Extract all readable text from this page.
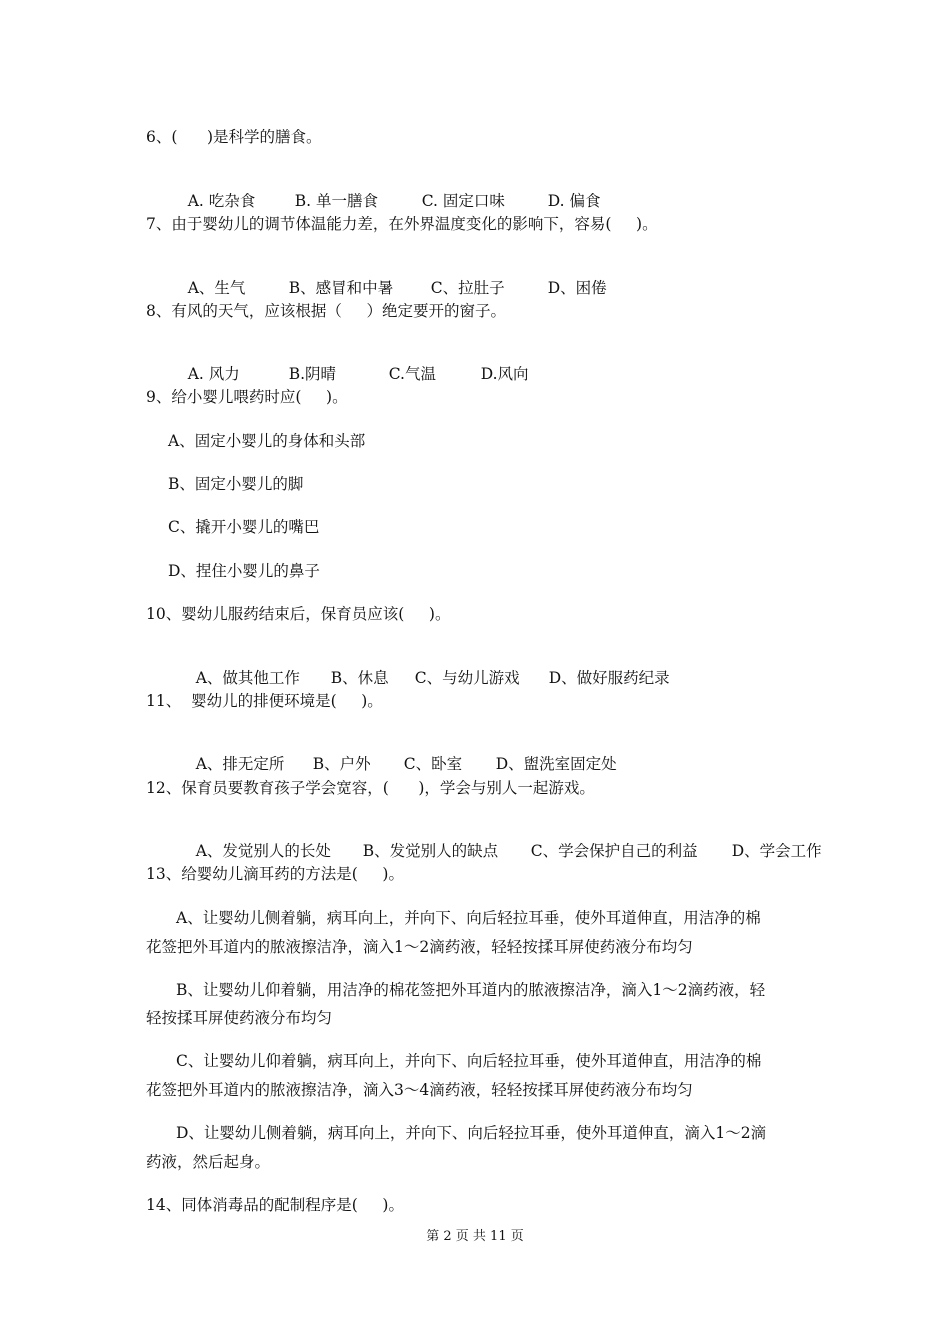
6、(      )是科学的膳食。

A. 吃杂食	B. 单一膳食	C. 固定口味	D. 偏食

7、由于婴幼儿的调节体温能力差，在外界温度变化的影响下，容易(     )。

A、生气	B、感冒和中暑 C、拉肚子	D、困倦

8、有风的天气，应该根据（     ）绝定要开的窗子。

A. 风力	B.阴晴	C.气温	D.风向

9、给小婴儿喂药时应(     )。

A、固定小婴儿的身体和头部

B、固定小婴儿的脚

C、撬开小婴儿的嘴巴

D、捏住小婴儿的鼻子

10、婴幼儿服药结束后，保育员应该(     )。

A、做其他工作 B、休息 C、与幼儿游戏 D、做好服药纪录

11、  婴幼儿的排便环境是(     )。

A、排无定所 B、户外 C、卧室 D、盥洗室固定处

12、保育员要教育孩子学会宽容，(      )，学会与别人一起游戏。

A、发觉别人的长处 B、发觉别人的缺点 C、学会保护自己的利益 D、学会工作

13、给婴幼儿滴耳药的方法是(     )。

A、让婴幼儿侧着躺，病耳向上，并向下、向后轻拉耳垂，使外耳道伸直，用洁净的棉

花签把外耳道内的脓液擦洁净，滴入1～2滴药液，轻轻按揉耳屏使药液分布均匀

B、让婴幼儿仰着躺，用洁净的棉花签把外耳道内的脓液擦洁净，滴入1～2滴药液，轻

轻按揉耳屏使药液分布均匀

C、让婴幼儿仰着躺，病耳向上，并向下、向后轻拉耳垂，使外耳道伸直，用洁净的棉

花签把外耳道内的脓液擦洁净，滴入3～4滴药液，轻轻按揉耳屏使药液分布均匀

D、让婴幼儿侧着躺，病耳向上，并向下、向后轻拉耳垂，使外耳道伸直，滴入1～2滴

药液，然后起身。

14、同体消毒品的配制程序是(     )。

第 2 页 共 11 页
